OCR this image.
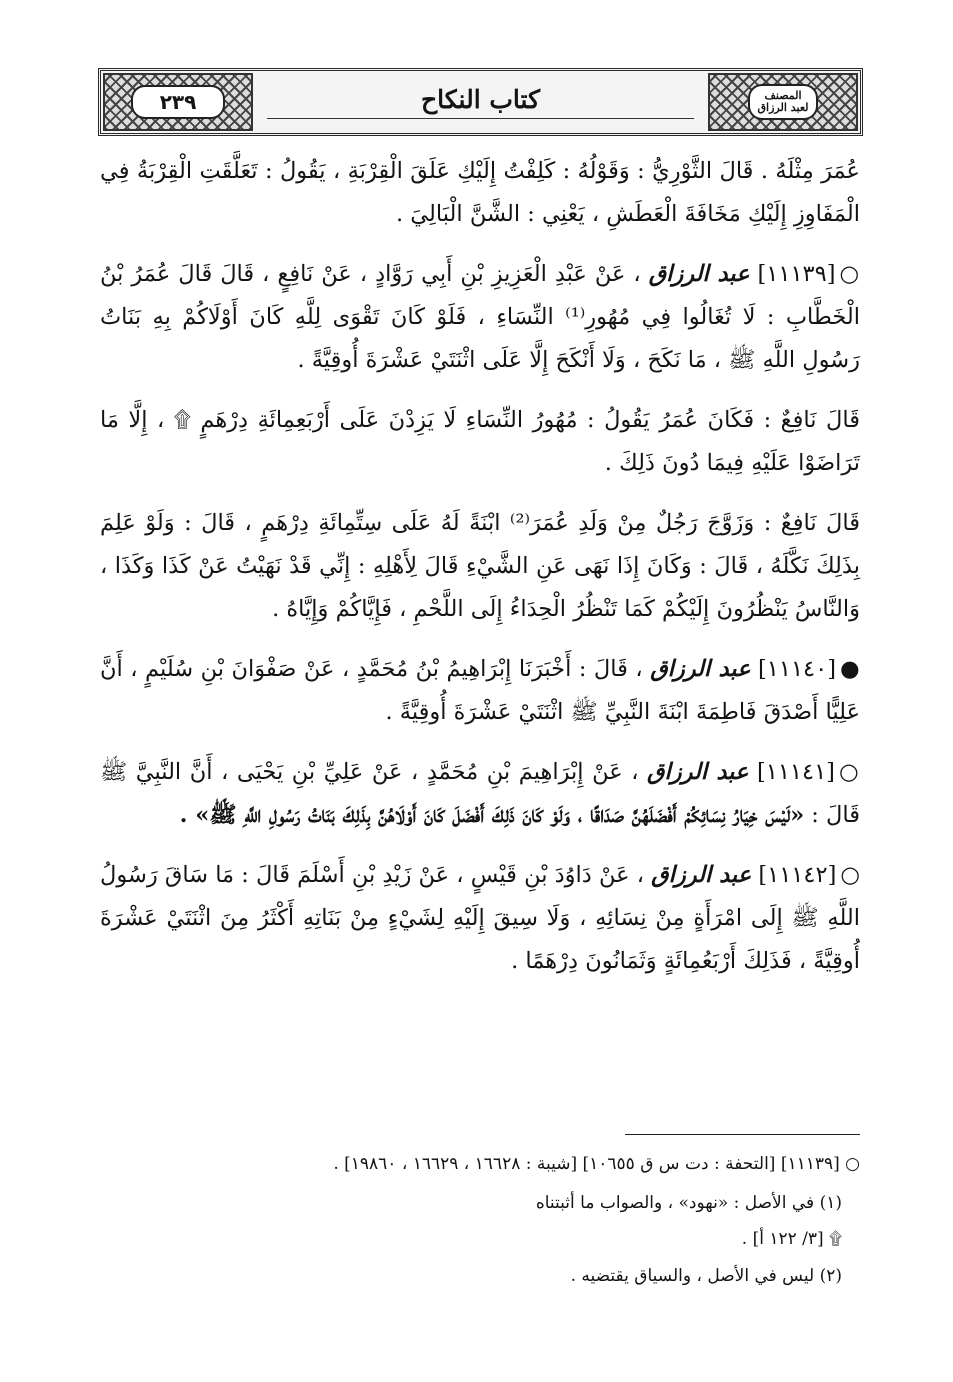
٢٣٩	كتاب النكاح	المصنف
لعبد الرزاق

عُمَرَ مِثْلَهُ . قَالَ الثَّوْرِيُّ : وَقَوْلُهُ : كَلِفْتُ إِلَيْكِ عَلَقَ الْقِرْبَةِ ، يَقُولُ : تَعَلَّقَتِ الْقِرْبَةُ فِي الْمَفَاوِزِ إِلَيْكِ مَخَافَةَ الْعَطَشِ ، يَعْنِي : الشَّنَّ الْبَالِيَ .

○[١١١٣٩] عبد الرزاق ، عَنْ عَبْدِ الْعَزِيزِ بْنِ أَبِي رَوَّادٍ ، عَنْ نَافِعٍ ، قَالَ قَالَ عُمَرُ بْنُ الْخَطَّابِ : لَا تُغَالُوا فِي مُهُورِ⁽¹⁾ النِّسَاءِ ، فَلَوْ كَانَ تَقْوَى لِلَّهِ كَانَ أَوْلَاكُمْ بِهِ بَنَاتُ رَسُولِ اللَّهِ ﷺ ، مَا نَكَحَ ، وَلَا أَنْكَحَ إِلَّا عَلَى اثْنَتَيْ عَشْرَةَ أُوقِيَّةً .

قَالَ نَافِعٌ : فَكَانَ عُمَرُ يَقُولُ : مُهُورُ النِّسَاءِ لَا يَزِدْنَ عَلَى أَرْبَعِمِائَةِ دِرْهَمٍ ۩ ، إِلَّا مَا تَرَاضَوْا عَلَيْهِ فِيمَا دُونَ ذَلِكَ .

قَالَ نَافِعٌ : وَزَوَّجَ رَجُلٌ مِنْ وَلَدِ عُمَرَ⁽²⁾ ابْنَةً لَهُ عَلَى سِتِّمِائَةِ دِرْهَمٍ ، قَالَ : وَلَوْ عَلِمَ بِذَلِكَ نَكَّلَهُ ، قَالَ : وَكَانَ إِذَا نَهَى عَنِ الشَّيْءِ قَالَ لِأَهْلِهِ : إِنِّي قَدْ نَهَيْتُ عَنْ كَذَا وَكَذَا ، وَالنَّاسُ يَنْظُرُونَ إِلَيْكُمْ كَمَا تَنْظُرُ الْحِدَاءُ إِلَى اللَّحْمِ ، فَإِيَّاكُمْ وَإِيَّاهُ .

●[١١١٤٠] عبد الرزاق ، قَالَ : أَخْبَرَنَا إِبْرَاهِيمُ بْنُ مُحَمَّدٍ ، عَنْ صَفْوَانَ بْنِ سُلَيْمٍ ، أَنَّ عَلِيًّا أَصْدَقَ فَاطِمَةَ ابْنَةَ النَّبِيِّ ﷺ اثْنَتَيْ عَشْرَةَ أُوقِيَّةً .

○[١١١٤١] عبد الرزاق ، عَنْ إِبْرَاهِيمَ بْنِ مُحَمَّدٍ ، عَنْ عَلِيِّ بْنِ يَحْيَى ، أَنَّ النَّبِيَّ ﷺ قَالَ : «لَيْسَ خِيَارُ نِسَائِكُمْ أَفْضَلَهُنَّ صَدَاقًا ، وَلَوْ كَانَ ذَلِكَ أَفْضَلَ كَانَ أَوْلَاهُنَّ بِذَلِكَ بَنَاتُ رَسُولِ اللَّهِ ﷺ» .

○[١١١٤٢] عبد الرزاق ، عَنْ دَاوُدَ بْنِ قَيْسٍ ، عَنْ زَيْدِ بْنِ أَسْلَمَ قَالَ : مَا سَاقَ رَسُولُ اللَّهِ ﷺ إِلَى امْرَأَةٍ مِنْ نِسَائِهِ ، وَلَا سِيقَ إِلَيْهِ لِشَيْءٍ مِنْ بَنَاتِهِ أَكْثَرُ مِنَ اثْنَتَيْ عَشْرَةَ أُوقِيَّةً ، فَذَلِكَ أَرْبَعُمِائَةٍ وَثَمَانُونَ دِرْهَمًا .

○ [١١١٣٩] [التحفة : دت س ق ١٠٦٥٥] [شيبة : ١٦٦٢٨ ، ١٦٦٢٩ ، ١٩٨٦٠] .
(١) في الأصل : «نهود» ، والصواب ما أثبتناه
۩ [٣/ ١٢٢ أ] .
(٢) ليس في الأصل ، والسياق يقتضيه .
